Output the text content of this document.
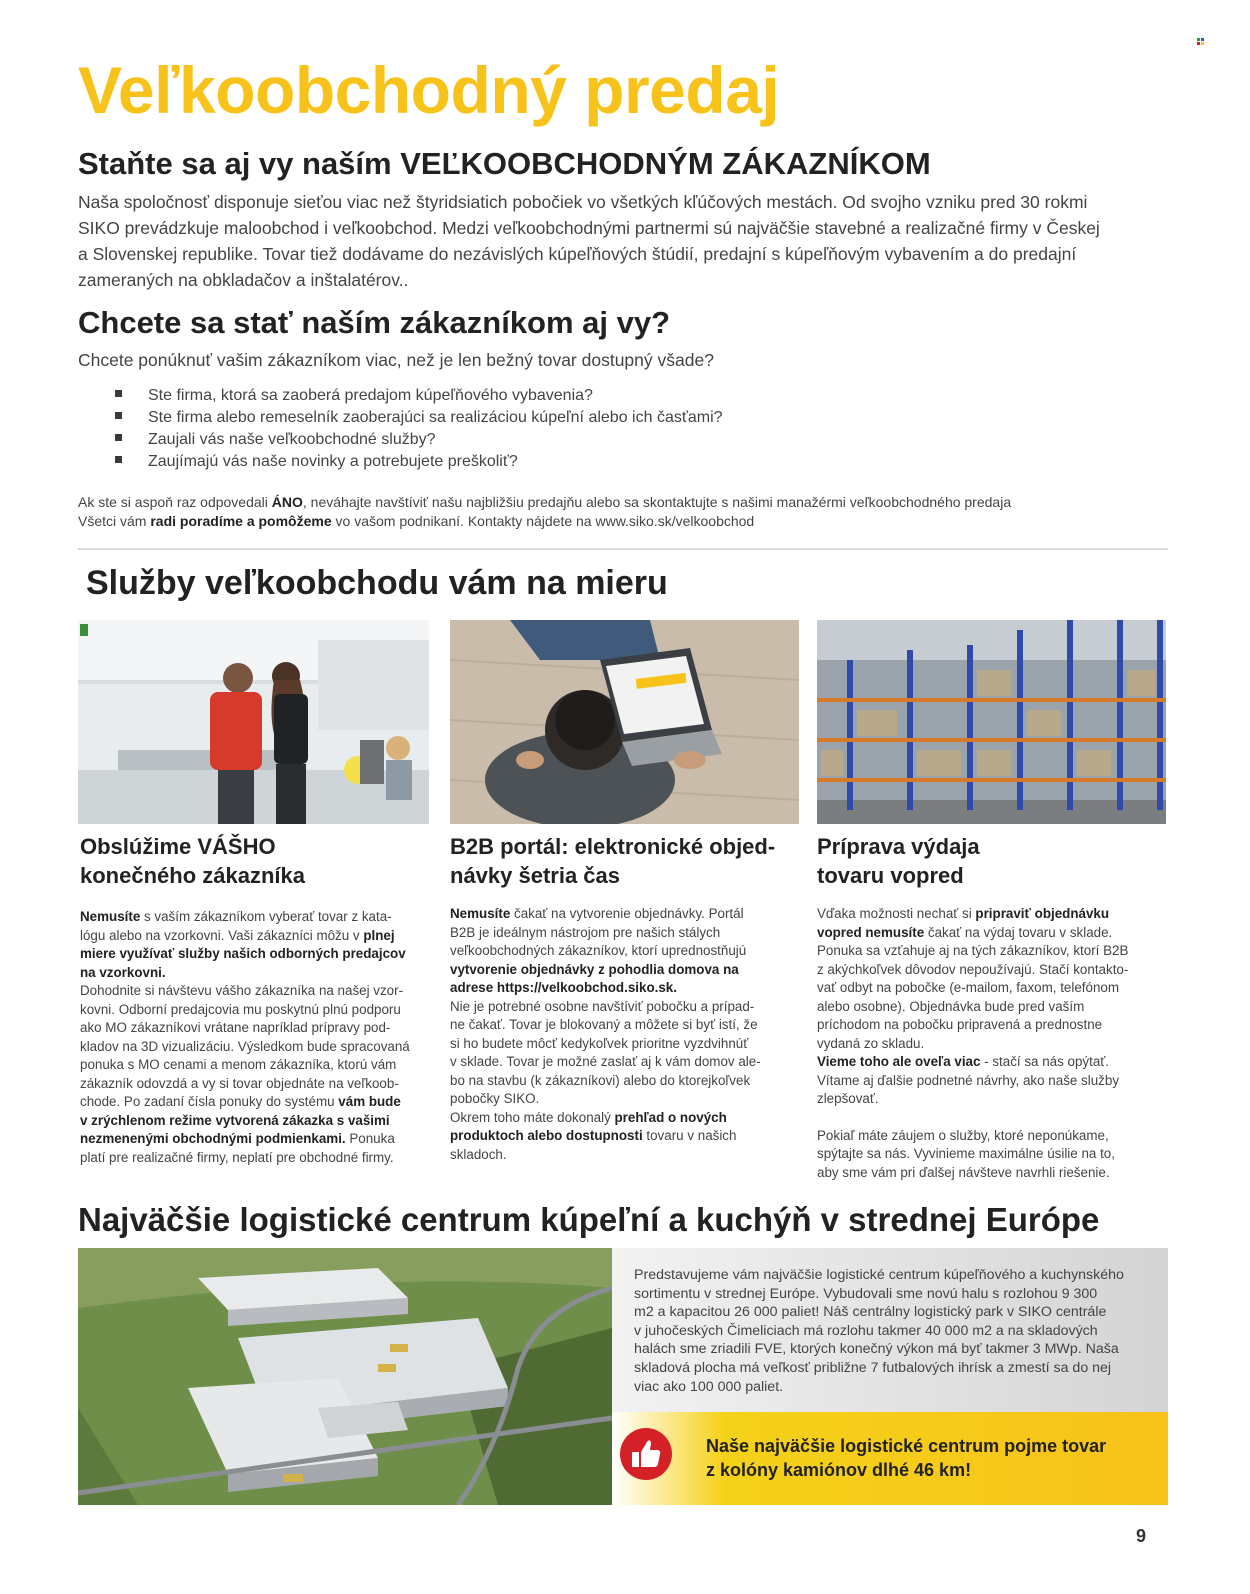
Veľkoobchodný predaj
Staňte sa aj vy naším VEĽKOOBCHODNÝM ZÁKAZNÍKOM

Naša spoločnosť disponuje sieťou viac než štyridsiatich pobočiek vo všetkých kľúčových mestách. Od svojho vzniku pred 30 rokmi

SIKO prevádzkuje maloobchod i veľkoobchod. Medzi veľkoobchodnými partnermi sú najväčšie stavebné a realizačné firmy v Českej

a Slovenskej republike. Tovar tiež dodávame do nezávislých kúpeľňových štúdií, predajní s kúpeľňovým vybavením a do predajní

zameraných na obkladačov a inštalatérov..

Chcete sa stať naším zákazníkom aj vy?

Chcete ponúknuť vašim zákazníkom viac, než je len bežný tovar dostupný všade?

Ste firma, ktorá sa zaoberá predajom kúpeľňového vybavenia?
Ste firma alebo remeselník zaoberajúci sa realizáciou kúpeľní alebo ich časťami?
Zaujali vás naše veľkoobchodné služby?
Zaujímajú vás naše novinky a potrebujete preškoliť?

Ak ste si aspoň raz odpovedali ÁNO, neváhajte navštíviť našu najbližšiu predajňu alebo sa skontaktujte s našimi manažérmi veľkoobchodného predaja

Všetci vám radi poradíme a pomôžeme vo vašom podnikaní. Kontakty nájdete na www.siko.sk/velkoobchod

Služby veľkoobchodu vám na mieru

Obslúžime VÁŠHO

konečného zákazníka

Nemusíte s vaším zákazníkom vyberať tovar z kata-

lógu alebo na vzorkovni. Vaši zákazníci môžu v plnej

miere využívať služby našich odborných predajcov

na vzorkovni.

Dohodnite si návštevu vášho zákazníka na našej vzor-

kovni. Odborní predajcovia mu poskytnú plnú podporu

ako MO zákazníkovi vrátane napríklad prípravy pod-

kladov na 3D vizualizáciu. Výsledkom bude spracovaná

ponuka s MO cenami a menom zákazníka, ktorú vám

zákazník odovzdá a vy si tovar objednáte na veľkoob-

chode. Po zadaní čísla ponuky do systému vám bude

v zrýchlenom režime vytvorená zákazka s vašimi

nezmenenými obchodnými podmienkami. Ponuka

platí pre realizačné firmy, neplatí pre obchodné firmy.

B2B portál: elektronické objed-

návky šetria čas

Nemusíte čakať na vytvorenie objednávky. Portál

B2B je ideálnym nástrojom pre našich stálych

veľkoobchodných zákazníkov, ktorí uprednostňujú

vytvorenie objednávky z pohodlia domova na

adrese https://velkoobchod.siko.sk.

Nie je potrebné osobne navštíviť pobočku a prípad-

ne čakať. Tovar je blokovaný a môžete si byť istí, že

si ho budete môcť kedykoľvek prioritne vyzdvihnúť

v sklade. Tovar je možné zaslať aj k vám domov ale-

bo na stavbu (k zákazníkovi) alebo do ktorejkoľvek

pobočky SIKO.

Okrem toho máte dokonalý prehľad o nových

produktoch alebo dostupnosti tovaru v našich

skladoch.

Príprava výdaja

tovaru vopred

Vďaka možnosti nechať si pripraviť objednávku

vopred nemusíte čakať na výdaj tovaru v sklade.

Ponuka sa vzťahuje aj na tých zákazníkov, ktorí B2B

z akýchkoľvek dôvodov nepoužívajú. Stačí kontakto-

vať odbyt na pobočke (e-mailom, faxom, telefónom

alebo osobne). Objednávka bude pred vaším

príchodom na pobočku pripravená a prednostne

vydaná zo skladu.

Vieme toho ale oveľa viac - stačí sa nás opýtať.

Vítame aj ďalšie podnetné návrhy, ako naše služby

zlepšovať.

Pokiaľ máte záujem o služby, ktoré neponúkame,

spýtajte sa nás. Vyvinieme maximálne úsilie na to,

aby sme vám pri ďalšej návšteve navrhli riešenie.

Najväčšie logistické centrum kúpeľní a kuchýň v strednej Európe

Predstavujeme vám najväčšie logistické centrum kúpeľňového a kuchynského

sortimentu v strednej Európe. Vybudovali sme novú halu s rozlohou 9 300

m2 a kapacitou 26 000 paliet! Náš centrálny logistický park v SIKO centrále

v juhočeských Čimeliciach má rozlohu takmer 40 000 m2 a na skladových

halách sme zriadili FVE, ktorých konečný výkon má byť takmer 3 MWp. Naša

skladová plocha má veľkosť približne 7 futbalových ihrísk a zmestí sa do nej

viac ako 100 000 paliet.

Naše najväčšie logistické centrum pojme tovar

z kolóny kamiónov dlhé 46 km!

9
